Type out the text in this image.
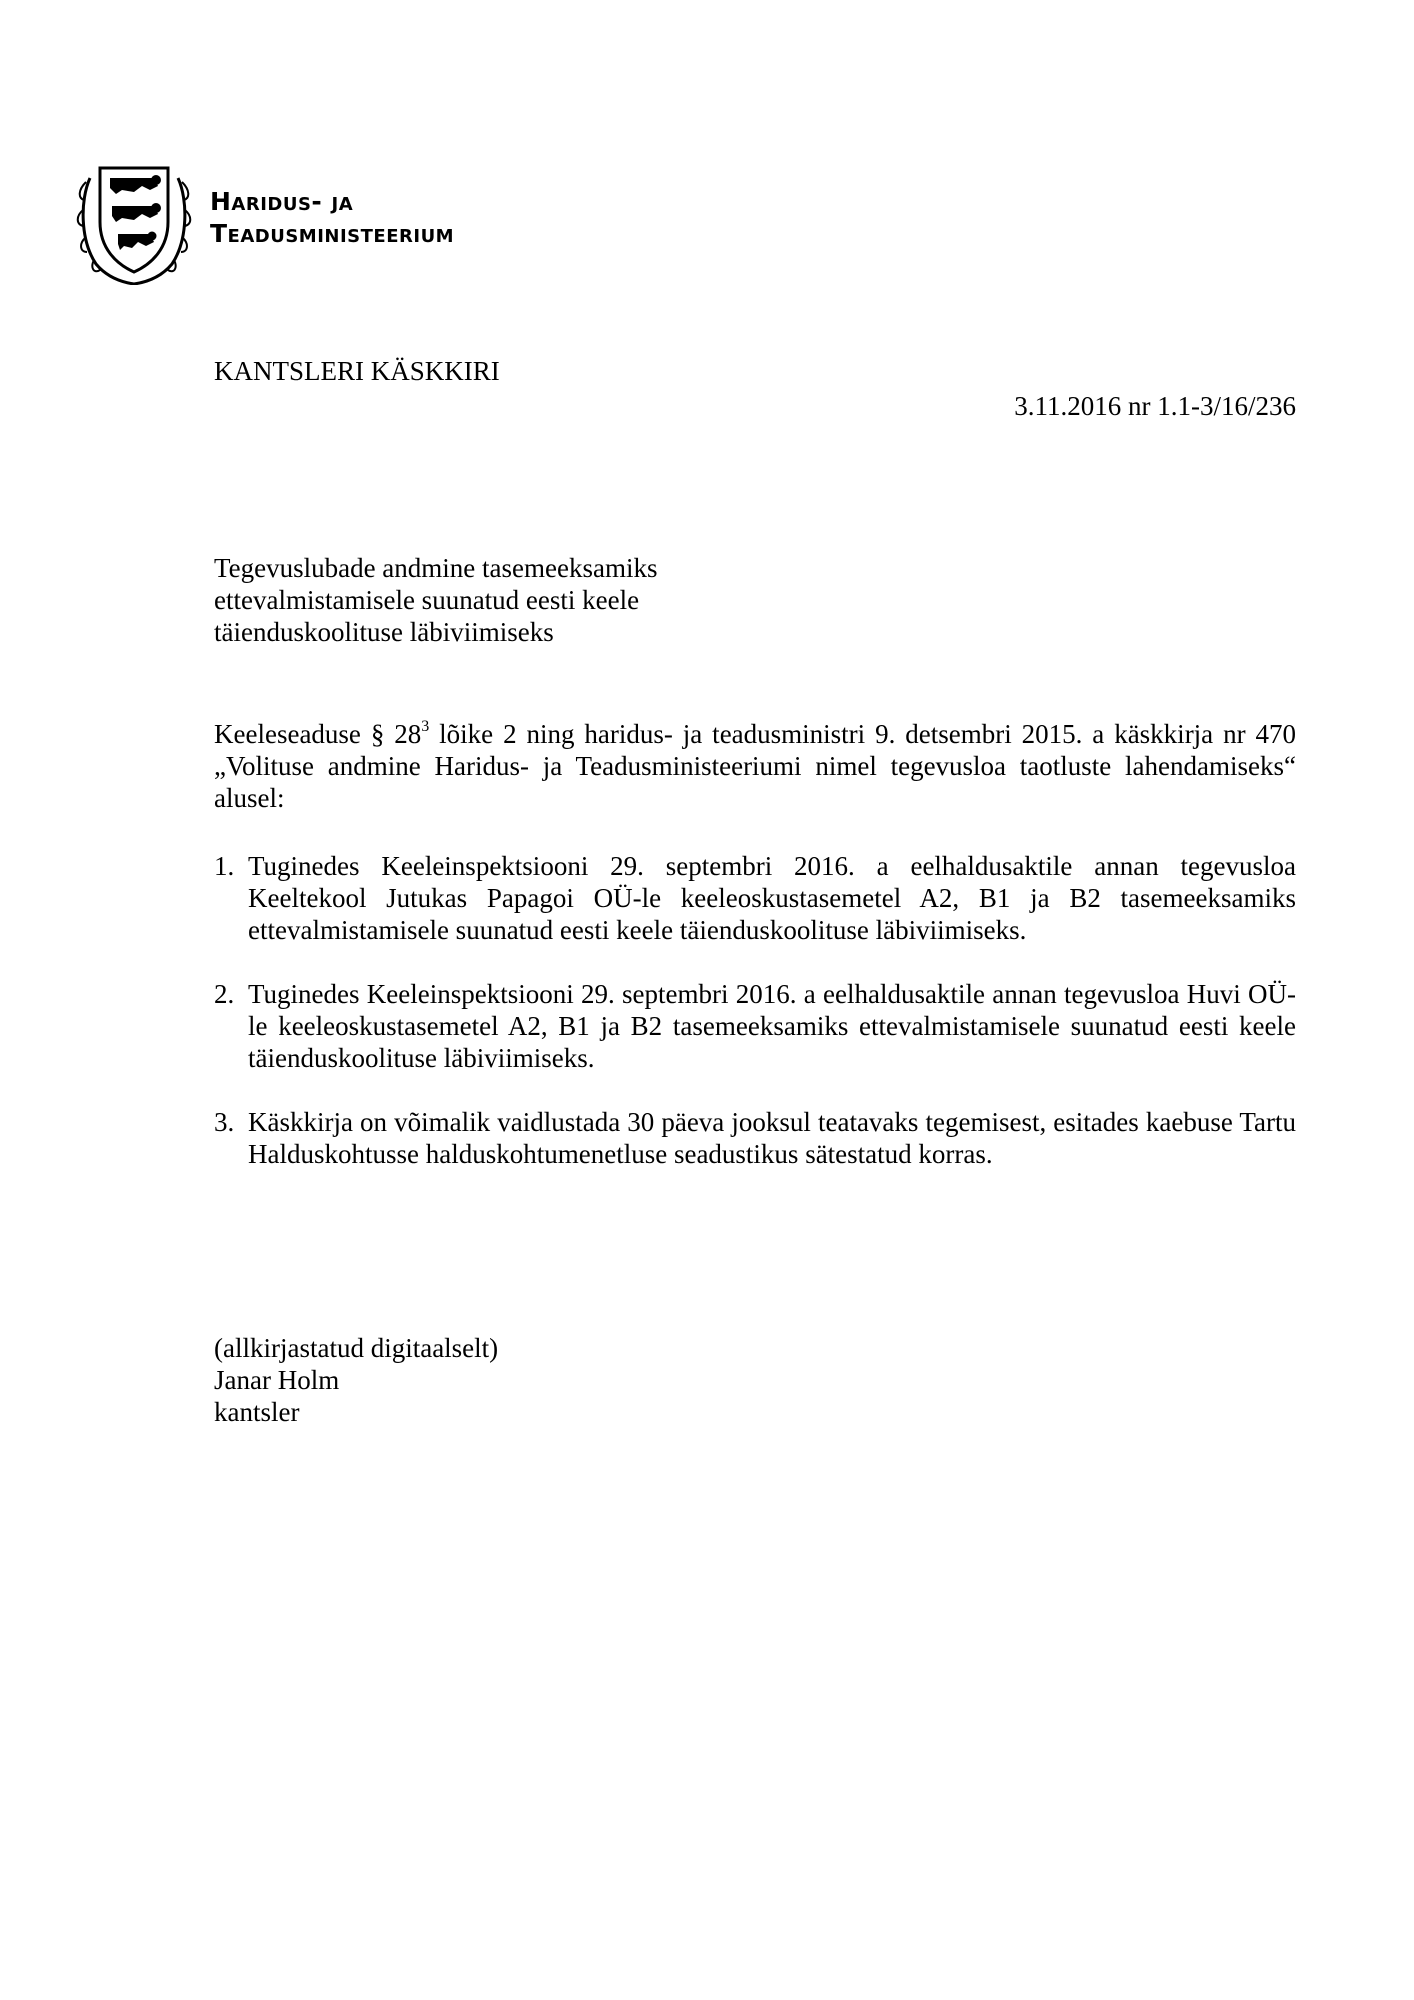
Haridus- ja
Teadusministeerium
KANTSLERI KÄSKKIRI
3.11.2016 nr 1.1-3/16/236
Tegevuslubade andmine tasemeeksamiks
ettevalmistamisele suunatud eesti keele
täienduskoolituse läbiviimiseks
Keeleseaduse § $28^3$ lõike 2 ning haridus- ja teadusministri 9. detsembri 2015. a käskkirja nr 470 „Volituse andmine Haridus- ja Teadusministeeriumi nimel tegevusloa taotluste lahendamiseks“ alusel:
1. Tuginedes Keeleinspektsiooni 29. septembri 2016. a eelhaldusaktile annan tegevusloa Keeltekool Jutukas Papagoi OÜ-le keeleoskustasemetel A2, B1 ja B2 tasemeeksamiks ettevalmistamisele suunatud eesti keele täienduskoolituse läbiviimiseks.
2. Tuginedes Keeleinspektsiooni 29. septembri 2016. a eelhaldusaktile annan tegevusloa Huvi OÜ-le keeleoskustasemetel A2, B1 ja B2 tasemeeksamiks ettevalmistamisele suunatud eesti keele täienduskoolituse läbiviimiseks.
3. Käskkirja on võimalik vaidlustada 30 päeva jooksul teatavaks tegemisest, esitades kaebuse Tartu Halduskohtusse halduskohtumenetluse seadustikus sätestatud korras.
(allkirjastatud digitaalselt)
Janar Holm
kantsler
